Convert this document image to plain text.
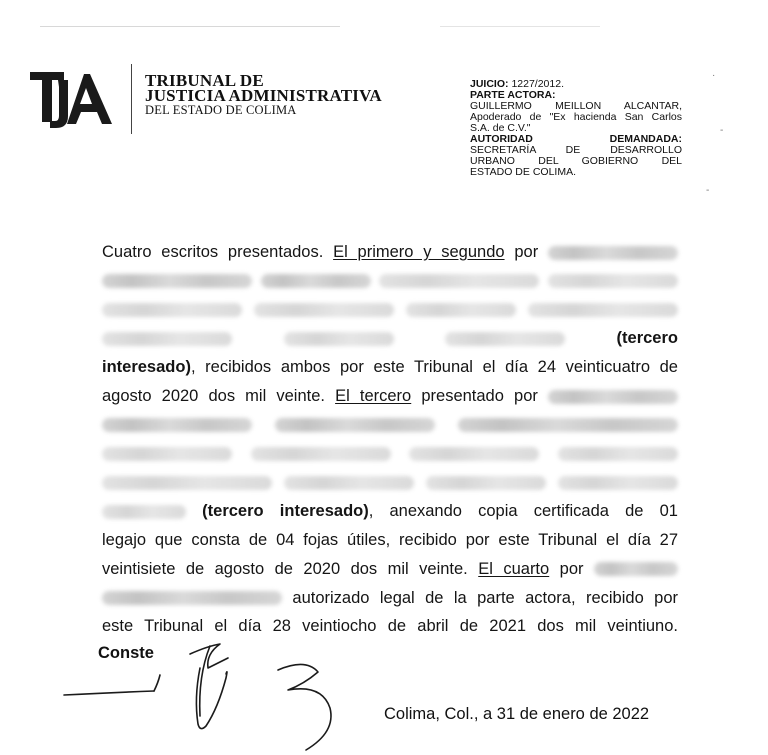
TJA
TRIBUNAL DE
JUSTICIA ADMINISTRATIVA
DEL ESTADO DE COLIMA
JUICIO: 1227/2012.
PARTE ACTORA:
GUILLERMO MEILLON ALCANTAR,
Apoderado de "Ex hacienda San Carlos
S.A. de C.V."
AUTORIDAD	DEMANDADA:
SECRETARÍA DE DESARROLLO
URBANO DEL GOBIERNO DEL
ESTADO DE COLIMA.
Cuatro escritos presentados. El primero y segundo por

(tercero
interesado), recibidos ambos por este Tribunal el día 24 veinticuatro de
agosto 2020 dos mil veinte. El tercero presentado por

(tercero interesado), anexando copia certificada de 01
legajo que consta de 04 fojas útiles, recibido por este Tribunal el día 27
veintisiete de agosto de 2020 dos mil veinte. El cuarto por
autorizado legal de la parte actora, recibido por
este Tribunal el día 28 veintiocho de abril de 2021 dos mil veintiuno.
Conste
Colima, Col., a 31 de enero de 2022
·
-
-
